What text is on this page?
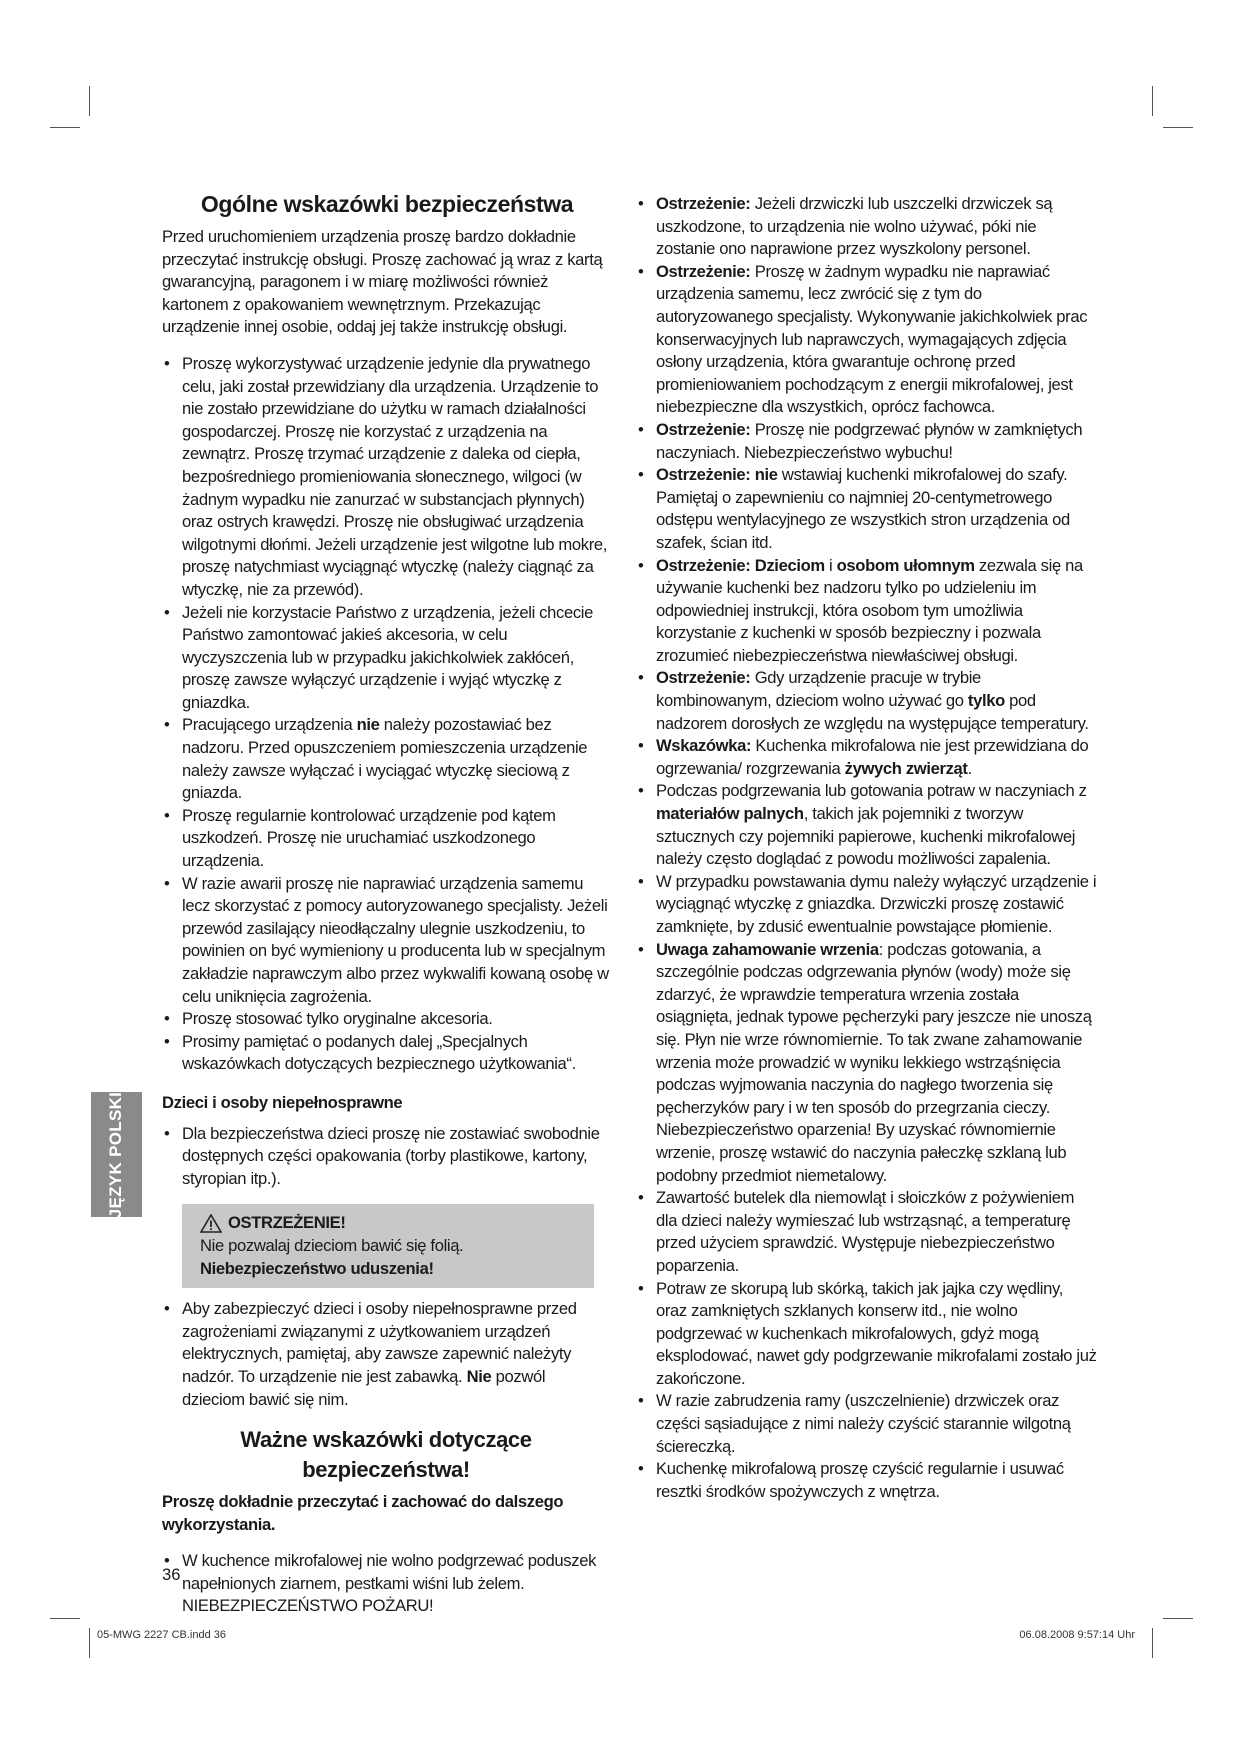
JĘZYK POLSKI
Ogólne wskazówki bezpieczeństwa

Przed uruchomieniem urządzenia proszę bardzo dokładnie przeczytać instrukcję obsługi. Proszę zachować ją wraz z kartą gwarancyjną, paragonem i w miarę możliwości również kartonem z opakowaniem wewnętrznym. Przekazując urządzenie innej osobie, oddaj jej także instrukcję obsługi.

• Proszę wykorzystywać urządzenie jedynie dla prywatnego celu, jaki został przewidziany dla urządzenia. Urządzenie to nie zostało przewidziane do użytku w ramach działalności gospodarczej. Proszę nie korzystać z urządzenia na zewnątrz. Proszę trzymać urządzenie z daleka od ciepła, bezpośredniego promieniowania słonecznego, wilgoci (w żadnym wypadku nie zanurzać w substancjach płynnych) oraz ostrych krawędzi. Proszę nie obsługiwać urządzenia wilgotnymi dłońmi. Jeżeli urządzenie jest wilgotne lub mokre, proszę natychmiast wyciągnąć wtyczkę (należy ciągnąć za wtyczkę, nie za przewód).
• Jeżeli nie korzystacie Państwo z urządzenia, jeżeli chcecie Państwo zamontować jakieś akcesoria, w celu wyczyszczenia lub w przypadku jakichkolwiek zakłóceń, proszę zawsze wyłączyć urządzenie i wyjąć wtyczkę z gniazdka.
• Pracującego urządzenia nie należy pozostawiać bez nadzoru. Przed opuszczeniem pomieszczenia urządzenie należy zawsze wyłączać i wyciągać wtyczkę sieciową z gniazda.
• Proszę regularnie kontrolować urządzenie pod kątem uszkodzeń. Proszę nie uruchamiać uszkodzonego urządzenia.
• W razie awarii proszę nie naprawiać urządzenia samemu lecz skorzystać z pomocy autoryzowanego specjalisty. Jeżeli przewód zasilający nieodłączalny ulegnie uszkodzeniu, to powinien on być wymieniony u producenta lub w specjalnym zakładzie naprawczym albo przez wykwalifi kowaną osobę w celu uniknięcia zagrożenia.
• Proszę stosować tylko oryginalne akcesoria.
• Prosimy pamiętać o podanych dalej „Specjalnych wskazówkach dotyczących bezpiecznego użytkowania“.
Dzieci i osoby niepełnosprawne
• Dla bezpieczeństwa dzieci proszę nie zostawiać swobodnie dostępnych części opakowania (torby plastikowe, kartony, styropian itp.).
OSTRZEŻENIE!
Nie pozwalaj dzieciom bawić się folią.
Niebezpieczeństwo uduszenia!
• Aby zabezpieczyć dzieci i osoby niepełnosprawne przed zagrożeniami związanymi z użytkowaniem urządzeń elektrycznych, pamiętaj, aby zawsze zapewnić należyty nadzór. To urządzenie nie jest zabawką. Nie pozwól dzieciom bawić się nim.
Ważne wskazówki dotyczące bezpieczeństwa!

Proszę dokładnie przeczytać i zachować do dalszego wykorzystania.

• W kuchence mikrofalowej nie wolno podgrzewać poduszek napełnionych ziarnem, pestkami wiśni lub żelem. NIEBEZPIECZEŃSTWO POŻARU!
• Ostrzeżenie: Jeżeli drzwiczki lub uszczelki drzwiczek są uszkodzone, to urządzenia nie wolno używać, póki nie zostanie ono naprawione przez wyszkolony personel.
• Ostrzeżenie: Proszę w żadnym wypadku nie naprawiać urządzenia samemu, lecz zwrócić się z tym do autoryzowanego specjalisty. Wykonywanie jakichkolwiek prac konserwacyjnych lub naprawczych, wymagających zdjęcia osłony urządzenia, która gwarantuje ochronę przed promieniowaniem pochodzącym z energii mikrofalowej, jest niebezpieczne dla wszystkich, oprócz fachowca.
• Ostrzeżenie: Proszę nie podgrzewać płynów w zamkniętych naczyniach. Niebezpieczeństwo wybuchu!
• Ostrzeżenie: nie wstawiaj kuchenki mikrofalowej do szafy. Pamiętaj o zapewnieniu co najmniej 20-centymetrowego odstępu wentylacyjnego ze wszystkich stron urządzenia od szafek, ścian itd.
• Ostrzeżenie: Dzieciom i osobom ułomnym zezwala się na używanie kuchenki bez nadzoru tylko po udzieleniu im odpowiedniej instrukcji, która osobom tym umożliwia korzystanie z kuchenki w sposób bezpieczny i pozwala zrozumieć niebezpieczeństwa niewłaściwej obsługi.
• Ostrzeżenie: Gdy urządzenie pracuje w trybie kombinowanym, dzieciom wolno używać go tylko pod nadzorem dorosłych ze względu na występujące temperatury.
• Wskazówka: Kuchenka mikrofalowa nie jest przewidziana do ogrzewania/ rozgrzewania żywych zwierząt.
• Podczas podgrzewania lub gotowania potraw w naczyniach z materiałów palnych, takich jak pojemniki z tworzyw sztucznych czy pojemniki papierowe, kuchenki mikrofalowej należy często doglądać z powodu możliwości zapalenia.
• W przypadku powstawania dymu należy wyłączyć urządzenie i wyciągnąć wtyczkę z gniazdka. Drzwiczki proszę zostawić zamknięte, by zdusić ewentualnie powstające płomienie.
• Uwaga zahamowanie wrzenia: podczas gotowania, a szczególnie podczas odgrzewania płynów (wody) może się zdarzyć, że wprawdzie temperatura wrzenia została osiągnięta, jednak typowe pęcherzyki pary jeszcze nie unoszą się. Płyn nie wrze równomiernie. To tak zwane zahamowanie wrzenia może prowadzić w wyniku lekkiego wstrząśnięcia podczas wyjmowania naczynia do nagłego tworzenia się pęcherzyków pary i w ten sposób do przegrzania cieczy. Niebezpieczeństwo oparzenia! By uzyskać równomiernie wrzenie, proszę wstawić do naczynia pałeczkę szklaną lub podobny przedmiot niemetalowy.
• Zawartość butelek dla niemowląt i słoiczków z pożywieniem dla dzieci należy wymieszać lub wstrząsnąć, a temperaturę przed użyciem sprawdzić. Występuje niebezpieczeństwo poparzenia.
• Potraw ze skorupą lub skórką, takich jak jajka czy wędliny, oraz zamkniętych szklanych konserw itd., nie wolno podgrzewać w kuchenkach mikrofalowych, gdyż mogą eksplodować, nawet gdy podgrzewanie mikrofalami zostało już zakończone.
• W razie zabrudzenia ramy (uszczelnienie) drzwiczek oraz części sąsiadujące z nimi należy czyścić starannie wilgotną ściereczką.
• Kuchenkę mikrofalową proszę czyścić regularnie i usuwać resztki środków spożywczych z wnętrza.
36
05-MWG 2227 CB.indd 36	06.08.2008 9:57:14 Uhr
